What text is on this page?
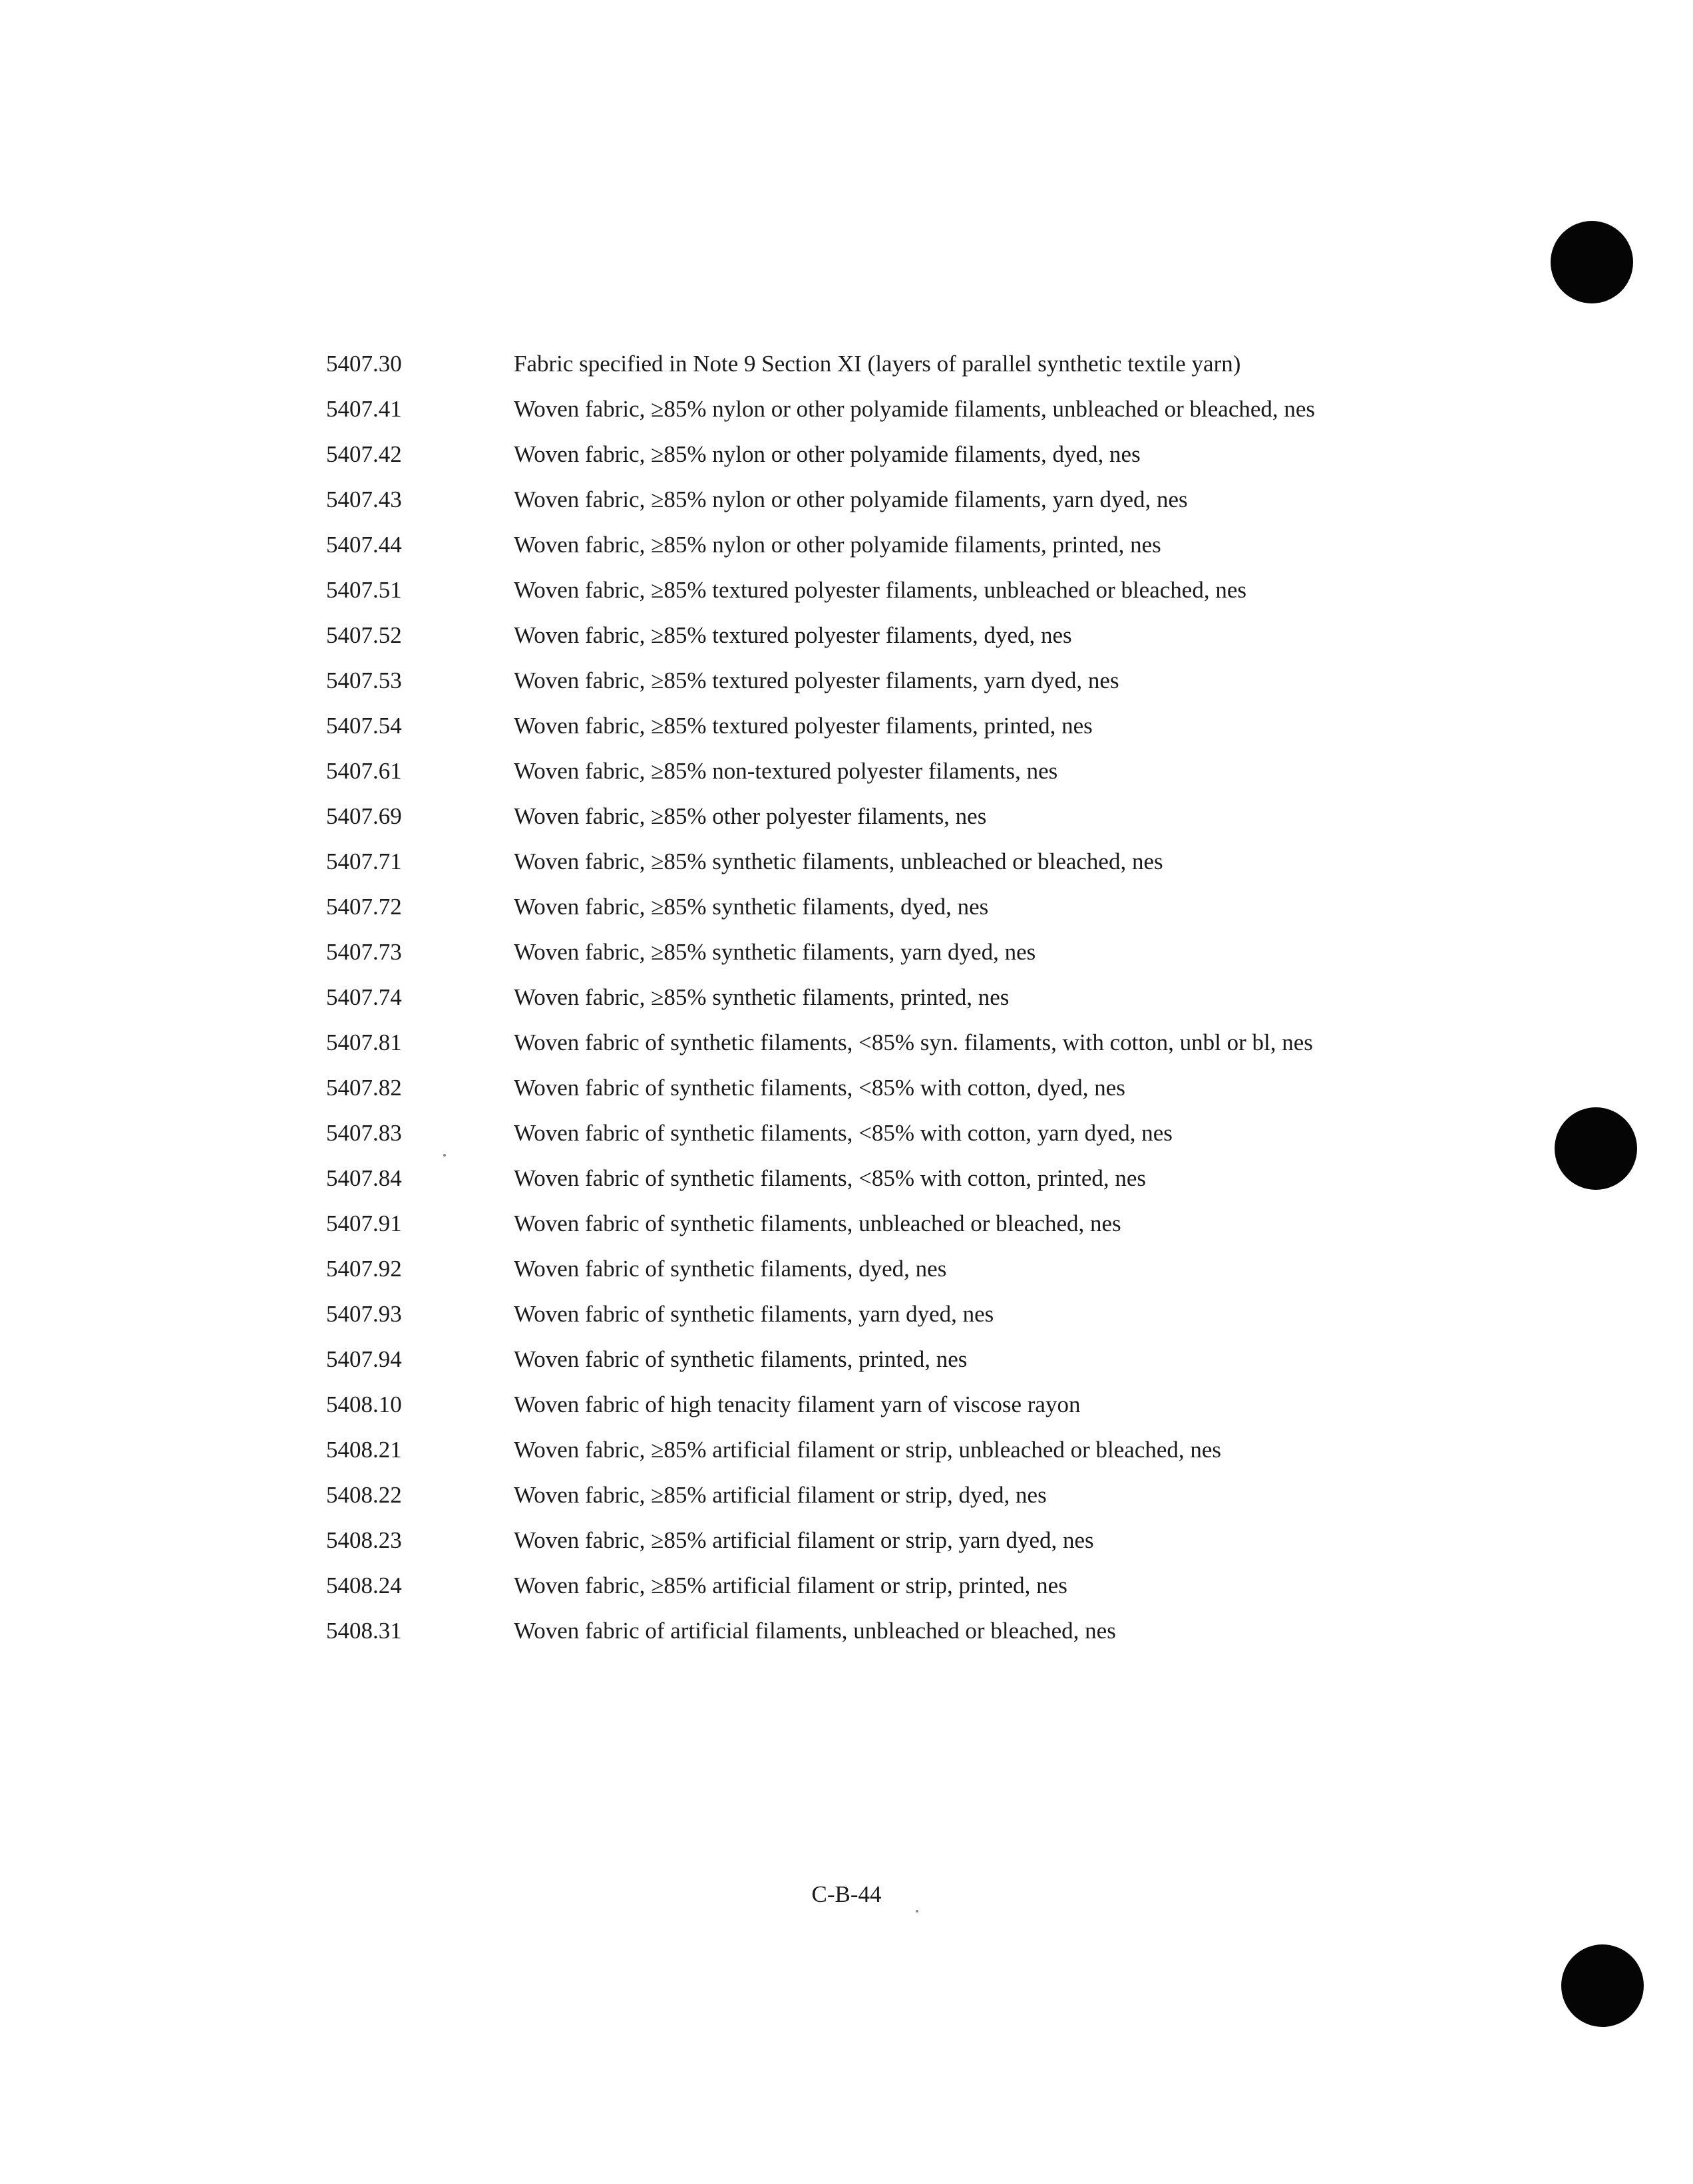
5407.30	Fabric specified in Note 9 Section XI (layers of parallel synthetic textile yarn)
5407.41	Woven fabric, ≥85% nylon or other polyamide filaments, unbleached or bleached, nes
5407.42	Woven fabric, ≥85% nylon or other polyamide filaments, dyed, nes
5407.43	Woven fabric, ≥85% nylon or other polyamide filaments, yarn dyed, nes
5407.44	Woven fabric, ≥85% nylon or other polyamide filaments, printed, nes
5407.51	Woven fabric, ≥85% textured polyester filaments, unbleached or bleached, nes
5407.52	Woven fabric, ≥85% textured polyester filaments, dyed, nes
5407.53	Woven fabric, ≥85% textured polyester filaments, yarn dyed, nes
5407.54	Woven fabric, ≥85% textured polyester filaments, printed, nes
5407.61	Woven fabric, ≥85% non-textured polyester filaments, nes
5407.69	Woven fabric, ≥85% other polyester filaments, nes
5407.71	Woven fabric, ≥85% synthetic filaments, unbleached or bleached, nes
5407.72	Woven fabric, ≥85% synthetic filaments, dyed, nes
5407.73	Woven fabric, ≥85% synthetic filaments, yarn dyed, nes
5407.74	Woven fabric, ≥85% synthetic filaments, printed, nes
5407.81	Woven fabric of synthetic filaments, <85% syn. filaments, with cotton, unbl or bl, nes
5407.82	Woven fabric of synthetic filaments, <85% with cotton, dyed, nes
5407.83	Woven fabric of synthetic filaments, <85% with cotton, yarn dyed, nes
5407.84	Woven fabric of synthetic filaments, <85% with cotton, printed, nes
5407.91	Woven fabric of synthetic filaments, unbleached or bleached, nes
5407.92	Woven fabric of synthetic filaments, dyed, nes
5407.93	Woven fabric of synthetic filaments, yarn dyed, nes
5407.94	Woven fabric of synthetic filaments, printed, nes
5408.10	Woven fabric of high tenacity filament yarn of viscose rayon
5408.21	Woven fabric, ≥85% artificial filament or strip, unbleached or bleached, nes
5408.22	Woven fabric, ≥85% artificial filament or strip, dyed, nes
5408.23	Woven fabric, ≥85% artificial filament or strip, yarn dyed, nes
5408.24	Woven fabric, ≥85% artificial filament or strip, printed, nes
5408.31	Woven fabric of artificial filaments, unbleached or bleached, nes
C-B-44
